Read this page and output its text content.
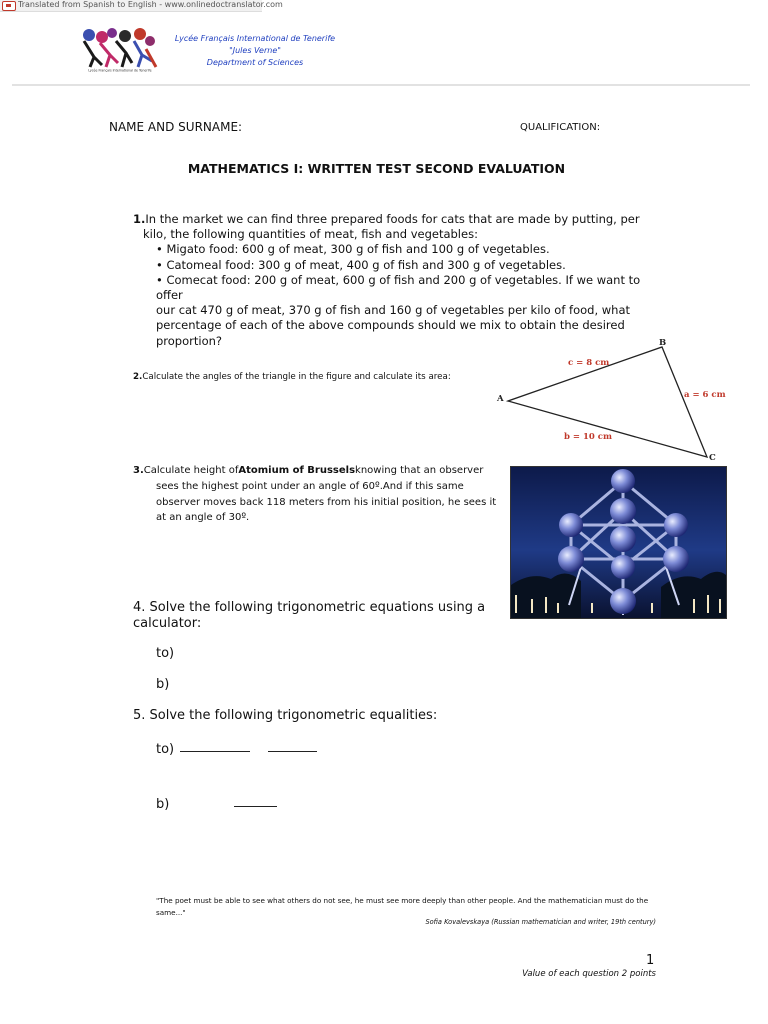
Translated from Spanish to English - www.onlinedoctranslator.com
Lycée Français International de Tenerife
Lycée Français International de Tenerife
"Jules Verne"
Department of Sciences
NAME AND SURNAME:	QUALIFICATION:
MATHEMATICS I: WRITTEN TEST SECOND EVALUATION
1.In the market we can find three prepared foods for cats that are made by putting, per
kilo, the following quantities of meat, fish and vegetables:
• Migato food: 600 g of meat, 300 g of fish and 100 g of vegetables.
• Catomeal food: 300 g of meat, 400 g of fish and 300 g of vegetables.
• Comecat food: 200 g of meat, 600 g of fish and 200 g of vegetables. If we want to offer
our cat 470 g of meat, 370 g of fish and 160 g of vegetables per kilo of food, what
percentage of each of the above compounds should we mix to obtain the desired
proportion?
2.Calculate the angles of the triangle in the figure and calculate its area:
A
B
C
c = 8 cm
a = 6 cm
b = 10 cm
3.Calculate height ofAtomium of Brusselsknowing that an observer
sees the highest point under an angle of 60º.And if this same
observer moves back 118 meters from his initial position, he sees it
at an angle of 30º.
4. Solve the following trigonometric equations using a
calculator:
to)
b)
5. Solve the following trigonometric equalities:
to)
b)
"The poet must be able to see what others do not see, he must see more deeply than other people. And the mathematician must do the same..."
Sofia Kovalevskaya (Russian mathematician and writer, 19th century)
1
Value of each question 2 points
